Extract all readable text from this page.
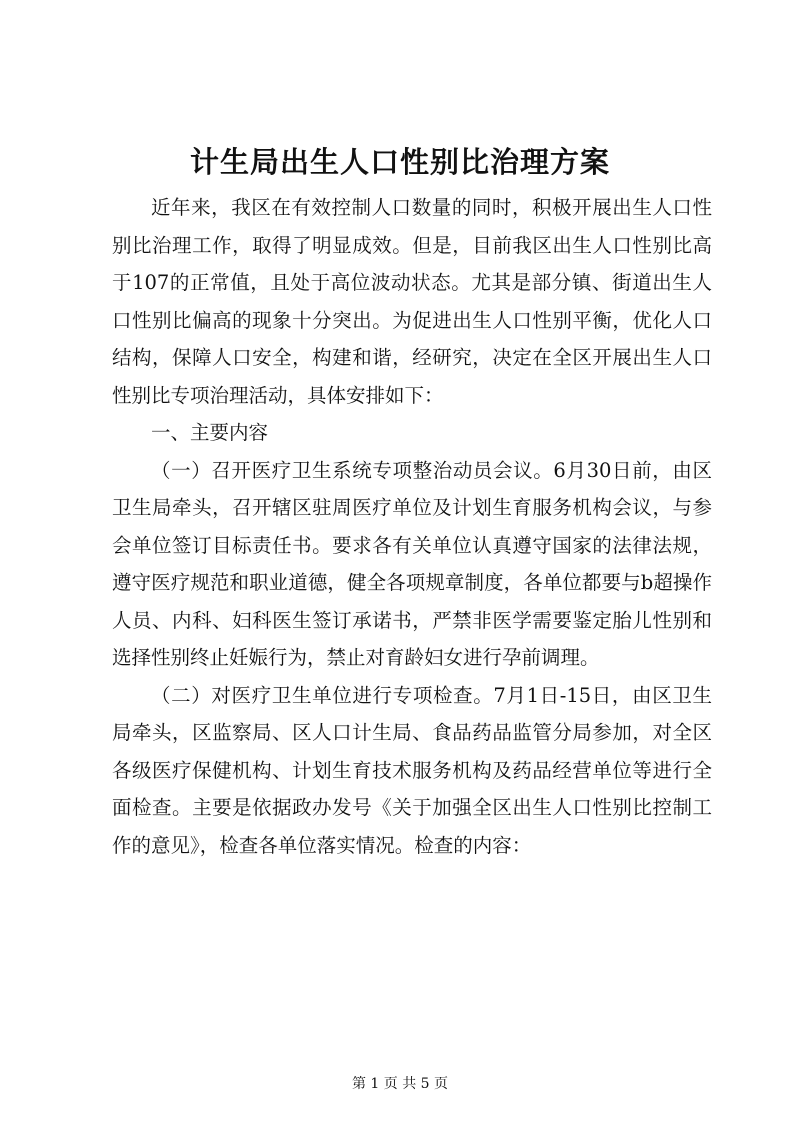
计生局出生人口性别比治理方案

近年来，我区在有效控制人口数量的同时，积极开展出生人口性别比治理工作，取得了明显成效。但是，目前我区出生人口性别比高于107的正常值，且处于高位波动状态。尤其是部分镇、街道出生人口性别比偏高的现象十分突出。为促进出生人口性别平衡，优化人口结构，保障人口安全，构建和谐，经研究，决定在全区开展出生人口性别比专项治理活动，具体安排如下：

一、主要内容

（一）召开医疗卫生系统专项整治动员会议。6月30日前，由区卫生局牵头，召开辖区驻周医疗单位及计划生育服务机构会议，与参会单位签订目标责任书。要求各有关单位认真遵守国家的法律法规，遵守医疗规范和职业道德，健全各项规章制度，各单位都要与b超操作人员、内科、妇科医生签订承诺书，严禁非医学需要鉴定胎儿性别和选择性别终止妊娠行为，禁止对育龄妇女进行孕前调理。

（二）对医疗卫生单位进行专项检查。7月1日-15日，由区卫生局牵头，区监察局、区人口计生局、食品药品监管分局参加，对全区各级医疗保健机构、计划生育技术服务机构及药品经营单位等进行全面检查。主要是依据政办发号《关于加强全区出生人口性别比控制工作的意见》，检查各单位落实情况。检查的内容：

第 1 页 共 5 页
